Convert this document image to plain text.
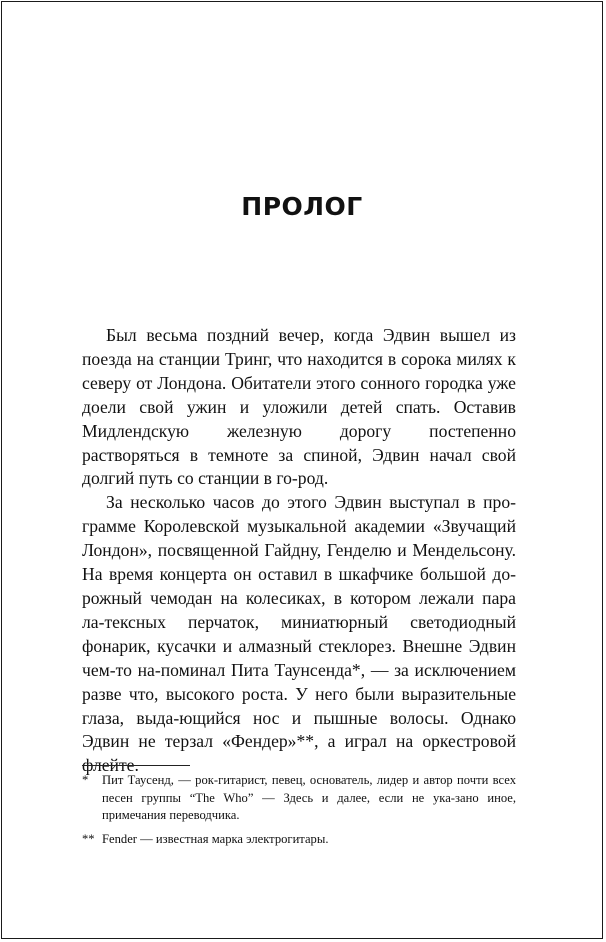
ПРОЛОГ

Был весьма поздний вечер, когда Эдвин вышел из поезда на станции Тринг, что находится в сорока милях к северу от Лондона. Обитатели этого сонного городка уже доели свой ужин и уложили детей спать. Оставив Мидлендскую железную дорогу постепенно растворяться в темноте за спиной, Эдвин начал свой долгий путь со станции в го-род.

За несколько часов до этого Эдвин выступал в про-грамме Королевской музыкальной академии «Звучащий Лондон», посвященной Гайдну, Генделю и Мендельсону. На время концерта он оставил в шкафчике большой до-рожный чемодан на колесиках, в котором лежали пара ла-тексных перчаток, миниатюрный светодиодный фонарик, кусачки и алмазный стеклорез. Внешне Эдвин чем-то на-поминал Пита Таунсенда*, — за исключением разве что, высокого роста. У него были выразительные глаза, выда-ющийся нос и пышные волосы. Однако Эдвин не терзал «Фендер»**, а играл на оркестровой флейте.

*	Пит Таусенд, — рок-гитарист, певец, основатель, лидер и автор почти всех песен группы “The Who” — Здесь и далее, если не ука-зано иное, примечания переводчика.
** Fender — известная марка электрогитары.
